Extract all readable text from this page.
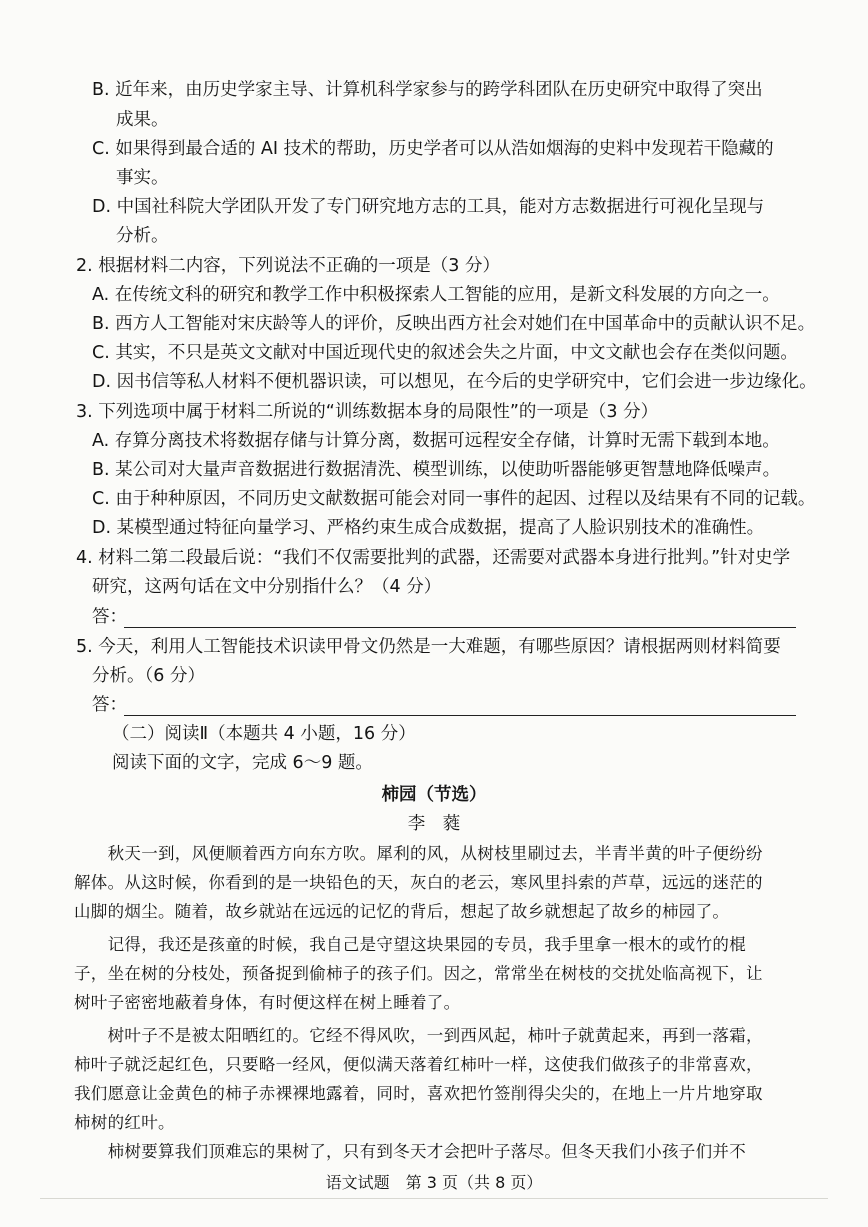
B. 近年来，由历史学家主导、计算机科学家参与的跨学科团队在历史研究中取得了突出
成果。
C. 如果得到最合适的 AI 技术的帮助，历史学者可以从浩如烟海的史料中发现若干隐藏的
事实。
D. 中国社科院大学团队开发了专门研究地方志的工具，能对方志数据进行可视化呈现与
分析。
2. 根据材料二内容，下列说法不正确的一项是（3 分）
A. 在传统文科的研究和教学工作中积极探索人工智能的应用，是新文科发展的方向之一。
B. 西方人工智能对宋庆龄等人的评价，反映出西方社会对她们在中国革命中的贡献认识不足。
C. 其实，不只是英文文献对中国近现代史的叙述会失之片面，中文文献也会存在类似问题。
D. 因书信等私人材料不便机器识读，可以想见，在今后的史学研究中，它们会进一步边缘化。
3. 下列选项中属于材料二所说的“训练数据本身的局限性”的一项是（3 分）
A. 存算分离技术将数据存储与计算分离，数据可远程安全存储，计算时无需下载到本地。
B. 某公司对大量声音数据进行数据清洗、模型训练，以使助听器能够更智慧地降低噪声。
C. 由于种种原因，不同历史文献数据可能会对同一事件的起因、过程以及结果有不同的记载。
D. 某模型通过特征向量学习、严格约束生成合成数据，提高了人脸识别技术的准确性。
4. 材料二第二段最后说：“我们不仅需要批判的武器，还需要对武器本身进行批判。”针对史学
研究，这两句话在文中分别指什么？（4 分）
答：
5. 今天，利用人工智能技术识读甲骨文仍然是一大难题，有哪些原因？请根据两则材料简要
分析。（6 分）
答：
（二）阅读Ⅱ（本题共 4 小题，16 分）
阅读下面的文字，完成 6～9 题。
柿园（节选）
李　蕤
　　秋天一到，风便顺着西方向东方吹。犀利的风，从树枝里刷过去，半青半黄的叶子便纷纷
解体。从这时候，你看到的是一块铅色的天，灰白的老云，寒风里抖索的芦草，远远的迷茫的
山脚的烟尘。随着，故乡就站在远远的记忆的背后，想起了故乡就想起了故乡的柿园了。
　　记得，我还是孩童的时候，我自己是守望这块果园的专员，我手里拿一根木的或竹的棍
子，坐在树的分枝处，预备捉到偷柿子的孩子们。因之，常常坐在树枝的交扰处临高视下，让
树叶子密密地蔽着身体，有时便这样在树上睡着了。
　　树叶子不是被太阳晒红的。它经不得风吹，一到西风起，柿叶子就黄起来，再到一落霜，
柿叶子就泛起红色，只要略一经风，便似满天落着红柿叶一样，这使我们做孩子的非常喜欢，
我们愿意让金黄色的柿子赤裸裸地露着，同时，喜欢把竹签削得尖尖的，在地上一片片地穿取
柿树的红叶。
　　柿树要算我们顶难忘的果树了，只有到冬天才会把叶子落尽。但冬天我们小孩子们并不
语文试题　第 3 页（共 8 页）
